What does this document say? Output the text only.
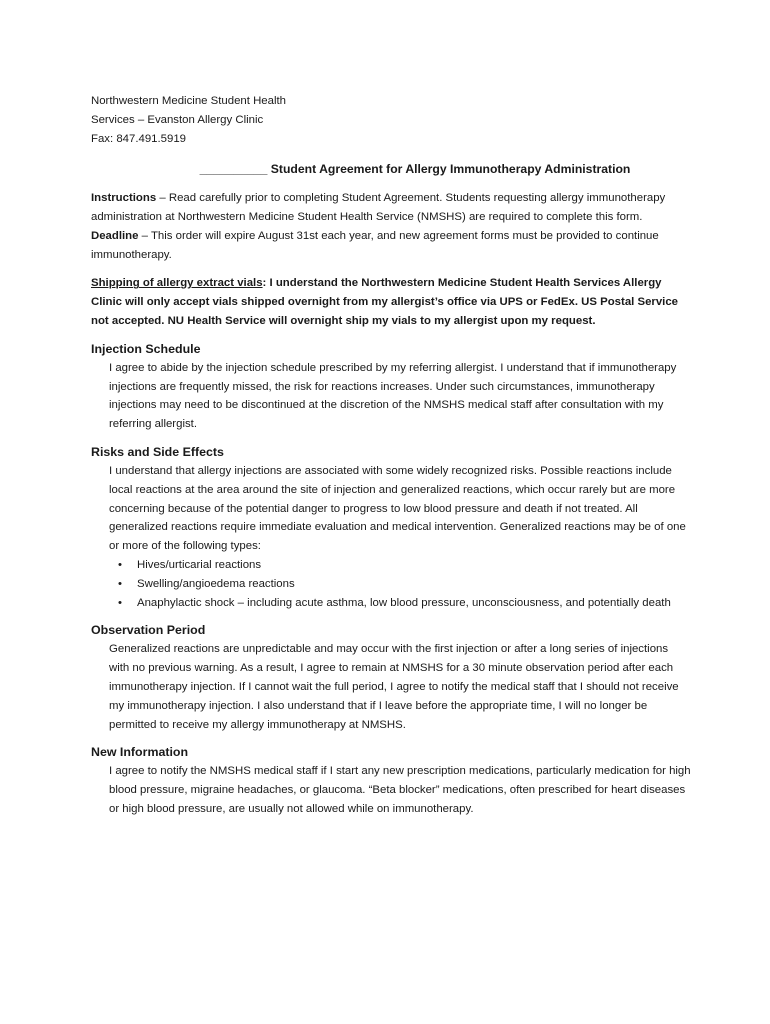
Northwestern Medicine Student Health
Services – Evanston Allergy Clinic
Fax: 847.491.5919
__________ Student Agreement for Allergy Immunotherapy Administration
Instructions – Read carefully prior to completing Student Agreement. Students requesting allergy immunotherapy administration at Northwestern Medicine Student Health Service (NMSHS) are required to complete this form.
Deadline – This order will expire August 31st each year, and new agreement forms must be provided to continue immunotherapy.
Shipping of allergy extract vials: I understand the Northwestern Medicine Student Health Services Allergy Clinic will only accept vials shipped overnight from my allergist’s office via UPS or FedEx. US Postal Service not accepted. NU Health Service will overnight ship my vials to my allergist upon my request.
Injection Schedule
I agree to abide by the injection schedule prescribed by my referring allergist. I understand that if immunotherapy injections are frequently missed, the risk for reactions increases. Under such circumstances, immunotherapy injections may need to be discontinued at the discretion of the NMSHS medical staff after consultation with my referring allergist.
Risks and Side Effects
I understand that allergy injections are associated with some widely recognized risks. Possible reactions include local reactions at the area around the site of injection and generalized reactions, which occur rarely but are more concerning because of the potential danger to progress to low blood pressure and death if not treated. All generalized reactions require immediate evaluation and medical intervention. Generalized reactions may be of one or more of the following types:
• Hives/urticarial reactions
• Swelling/angioedema reactions
• Anaphylactic shock – including acute asthma, low blood pressure, unconsciousness, and potentially death
Observation Period
Generalized reactions are unpredictable and may occur with the first injection or after a long series of injections with no previous warning. As a result, I agree to remain at NMSHS for a 30 minute observation period after each immunotherapy injection. If I cannot wait the full period, I agree to notify the medical staff that I should not receive my immunotherapy injection. I also understand that if I leave before the appropriate time, I will no longer be permitted to receive my allergy immunotherapy at NMSHS.
New Information
I agree to notify the NMSHS medical staff if I start any new prescription medications, particularly medication for high blood pressure, migraine headaches, or glaucoma. “Beta blocker” medications, often prescribed for heart diseases or high blood pressure, are usually not allowed while on immunotherapy.
